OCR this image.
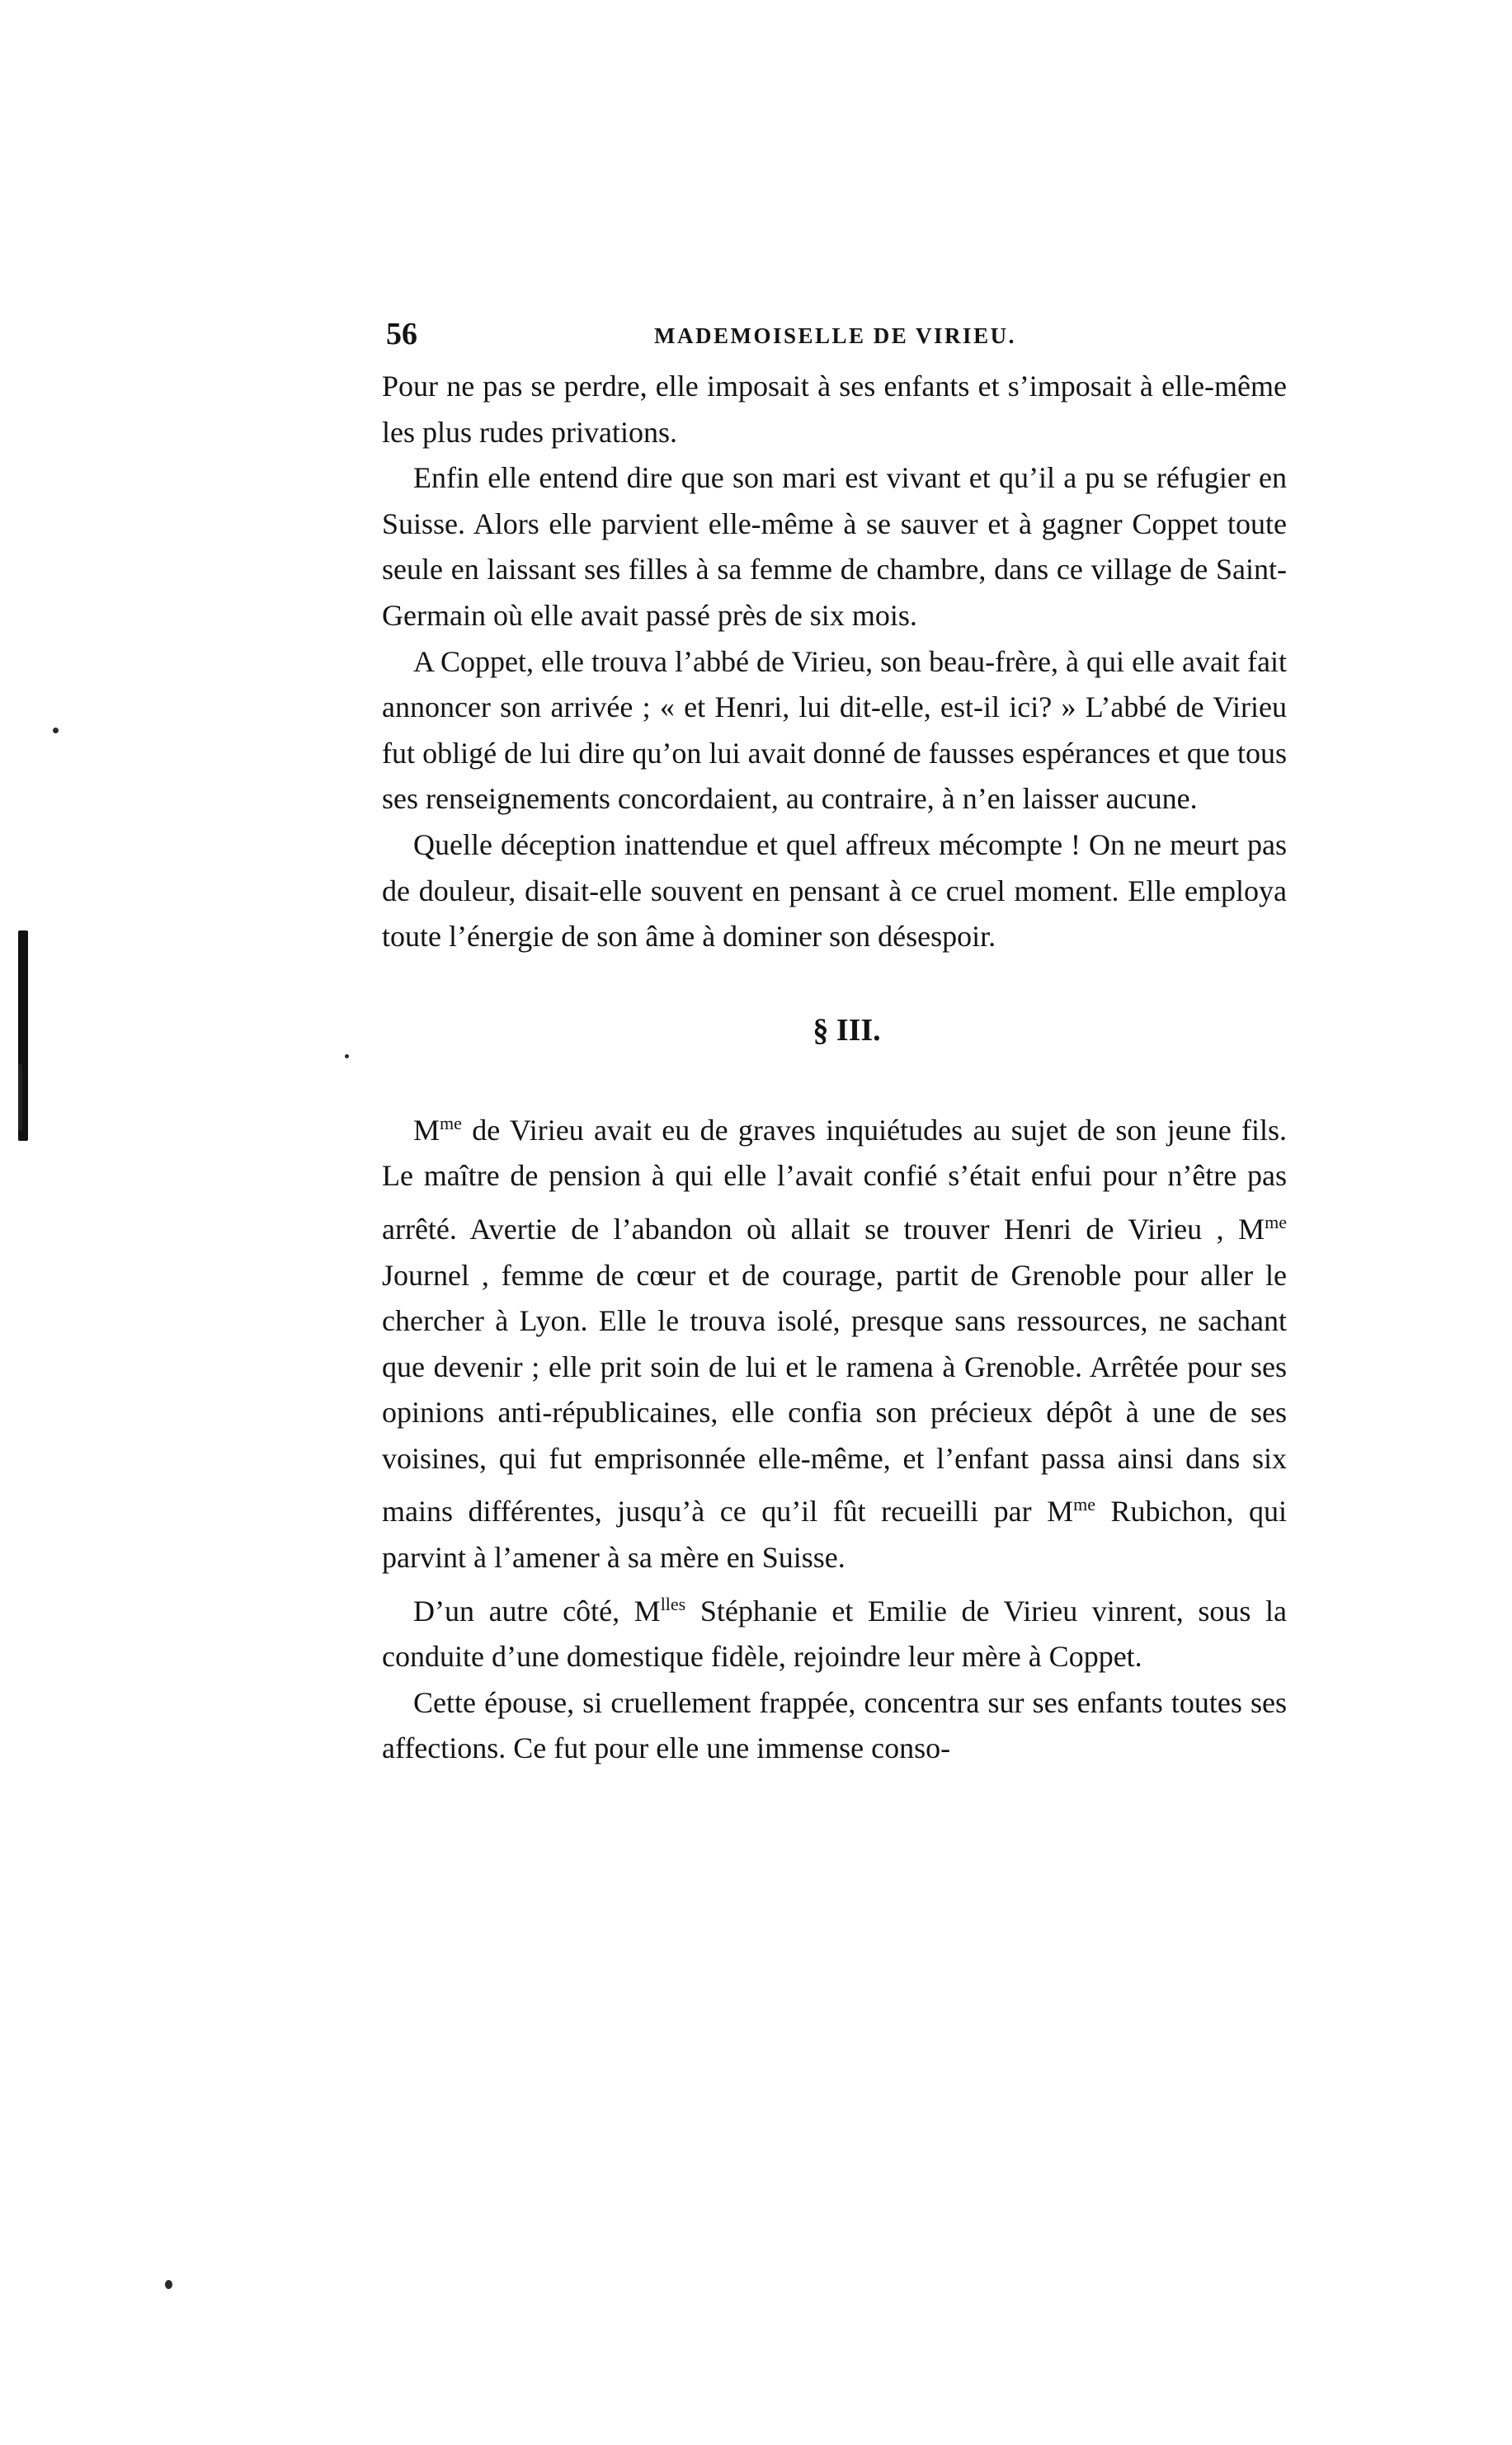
56	MADEMOISELLE DE VIRIEU.

Pour ne pas se perdre, elle imposait à ses enfants et s’imposait à elle-même les plus rudes privations.

Enfin elle entend dire que son mari est vivant et qu’il a pu se réfugier en Suisse. Alors elle parvient elle-même à se sauver et à gagner Coppet toute seule en laissant ses filles à sa femme de chambre, dans ce village de Saint-Germain où elle avait passé près de six mois.

A Coppet, elle trouva l’abbé de Virieu, son beau-frère, à qui elle avait fait annoncer son arrivée ; « et Henri, lui dit-elle, est-il ici? » L’abbé de Virieu fut obligé de lui dire qu’on lui avait donné de fausses espérances et que tous ses renseignements concordaient, au contraire, à n’en laisser aucune.

Quelle déception inattendue et quel affreux mécompte ! On ne meurt pas de douleur, disait-elle souvent en pensant à ce cruel moment. Elle employa toute l’énergie de son âme à dominer son désespoir.

§ III.

$M^{me}$ de Virieu avait eu de graves inquiétudes au sujet de son jeune fils. Le maître de pension à qui elle l’avait confié s’était enfui pour n’être pas arrêté. Avertie de l’abandon où allait se trouver Henri de Virieu , $M^{me}$ Journel , femme de cœur et de courage, partit de Grenoble pour aller le chercher à Lyon. Elle le trouva isolé, presque sans ressources, ne sachant que devenir ; elle prit soin de lui et le ramena à Grenoble. Arrêtée pour ses opinions anti-républicaines, elle confia son précieux dépôt à une de ses voisines, qui fut emprisonnée elle-même, et l’enfant passa ainsi dans six mains différentes, jusqu’à ce qu’il fût recueilli par $M^{me}$ Rubichon, qui parvint à l’amener à sa mère en Suisse.

D’un autre côté, $M^{lles}$ Stéphanie et Emilie de Virieu vinrent, sous la conduite d’une domestique fidèle, rejoindre leur mère à Coppet.

Cette épouse, si cruellement frappée, concentra sur ses enfants toutes ses affections. Ce fut pour elle une immense conso-
